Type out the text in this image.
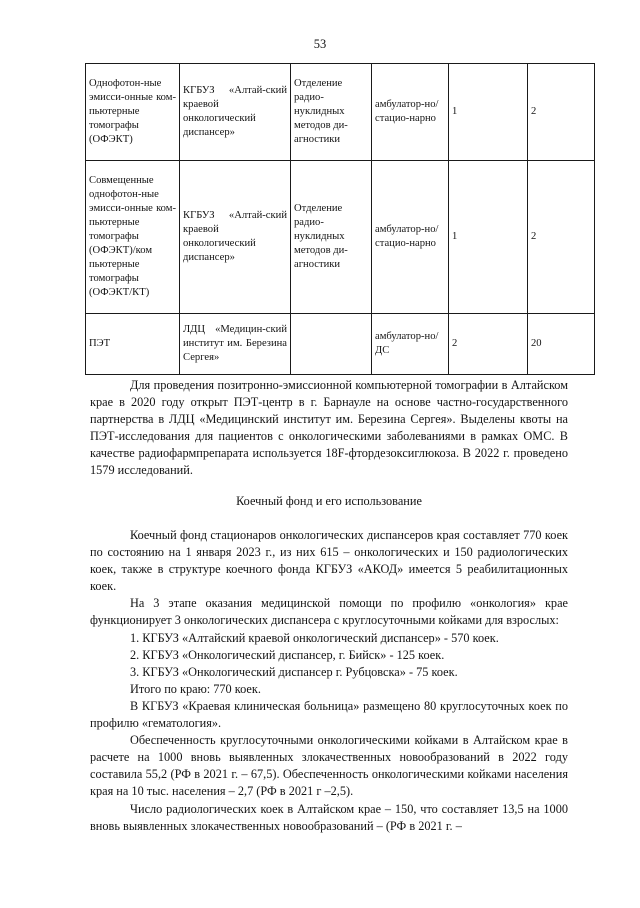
53
Однофотон-ные эмисси-онные ком-пьютерные томографы (ОФЭКТ)	КГБУЗ «Алтай-ский краевой онкологический диспансер»	Отделение радио-нуклидных методов ди-агностики	амбулатор-но/ стацио-нарно	1	2
Совмещенные однофотон-ные эмисси-онные ком-пьютерные томографы (ОФЭКТ)/ком пьютерные томографы (ОФЭКТ/КТ)	КГБУЗ «Алтай-ский краевой онкологический диспансер»	Отделение радио-нуклидных методов ди-агностики	амбулатор-но/ стацио-нарно	1	2
ПЭТ	ЛДЦ «Медицин-ский институт им. Березина Сергея»		амбулатор-но/ДС	2	20

Для проведения позитронно-эмиссионной компьютерной томографии в Алтайском крае в 2020 году открыт ПЭТ-центр в г. Барнауле на основе частно-государственного партнерства в ЛДЦ «Медицинский институт им. Березина Сергея». Выделены квоты на ПЭТ-исследования для пациентов с онкологическими заболеваниями в рамках ОМС. В качестве радиофармпрепарата используется 18F-фтордезоксиглюкоза. В 2022 г. проведено 1579 исследований.

Коечный фонд и его использование

Коечный фонд стационаров онкологических диспансеров края составляет 770 коек по состоянию на 1 января 2023 г., из них 615 – онкологических и 150 радиологических коек, также в структуре коечного фонда КГБУЗ «АКОД» имеется 5 реабилитационных коек.

На 3 этапе оказания медицинской помощи по профилю «онкология» крае функционирует 3 онкологических диспансера с круглосуточными койками для взрослых:

1. КГБУЗ «Алтайский краевой онкологический диспансер» - 570 коек.
2. КГБУЗ «Онкологический диспансер, г. Бийск» - 125 коек.
3. КГБУЗ «Онкологический диспансер г. Рубцовска» - 75 коек.
Итого по краю: 770 коек.

В КГБУЗ «Краевая клиническая больница» размещено 80 круглосуточных коек по профилю «гематология».

Обеспеченность круглосуточными онкологическими койками в Алтайском крае в расчете на 1000 вновь выявленных злокачественных новообразований в 2022 году составила 55,2 (РФ в 2021 г. – 67,5). Обеспеченность онкологическими койками населения края на 10 тыс. населения – 2,7 (РФ в 2021 г –2,5).

Число радиологических коек в Алтайском крае – 150, что составляет 13,5 на 1000 вновь выявленных злокачественных новообразований – (РФ в 2021 г. –
